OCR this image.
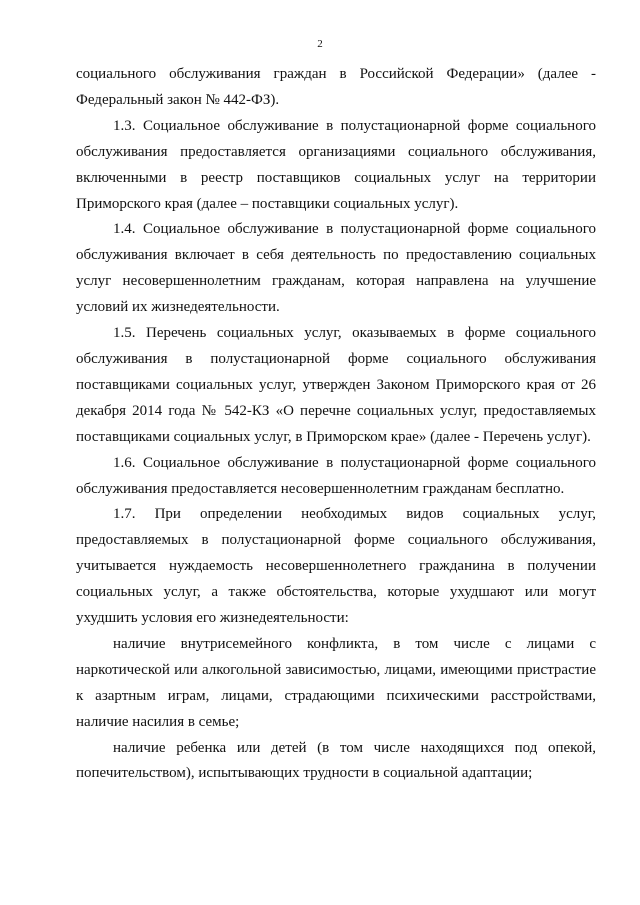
2

социального обслуживания граждан в Российской Федерации» (далее - Федеральный закон № 442-ФЗ).

1.3. Социальное обслуживание в полустационарной форме социального обслуживания предоставляется организациями социального обслуживания, включенными в реестр поставщиков социальных услуг на территории Приморского края (далее – поставщики социальных услуг).

1.4. Социальное обслуживание в полустационарной форме социального обслуживания включает в себя деятельность по предоставлению социальных услуг несовершеннолетним гражданам, которая направлена на улучшение условий их жизнедеятельности.

1.5. Перечень социальных услуг, оказываемых в форме социального обслуживания в полустационарной форме социального обслуживания поставщиками социальных услуг, утвержден Законом Приморского края от 26 декабря 2014 года № 542-КЗ «О перечне социальных услуг, предоставляемых поставщиками социальных услуг, в Приморском крае» (далее - Перечень услуг).

1.6. Социальное обслуживание в полустационарной форме социального обслуживания предоставляется несовершеннолетним гражданам бесплатно.

1.7. При определении необходимых видов социальных услуг, предоставляемых в полустационарной форме социального обслуживания, учитывается нуждаемость несовершеннолетнего гражданина в получении социальных услуг, а также обстоятельства, которые ухудшают или могут ухудшить условия его жизнедеятельности:

наличие внутрисемейного конфликта, в том числе с лицами с наркотической или алкогольной зависимостью, лицами, имеющими пристрастие к азартным играм, лицами, страдающими психическими расстройствами, наличие насилия в семье;

наличие ребенка или детей (в том числе находящихся под опекой, попечительством), испытывающих трудности в социальной адаптации;
